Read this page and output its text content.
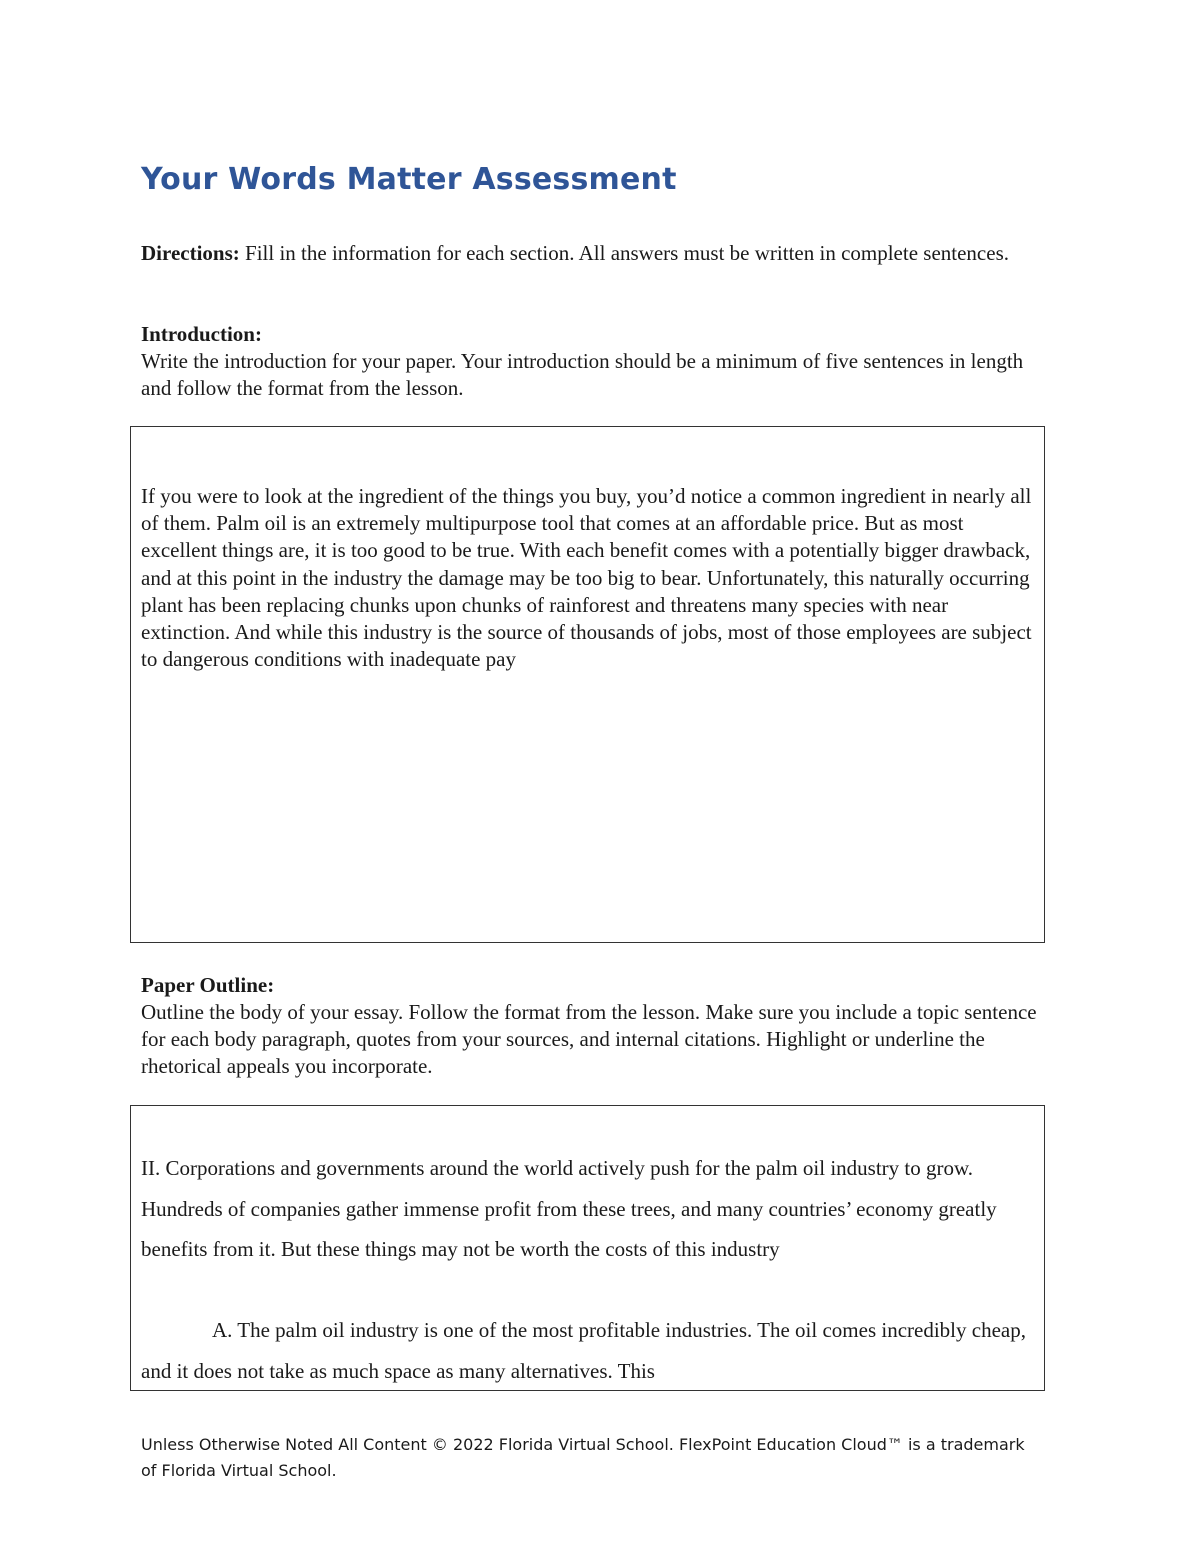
Your Words Matter Assessment

Directions: Fill in the information for each section. All answers must be written in complete sentences.

Introduction:

Write the introduction for your paper. Your introduction should be a minimum of five sentences in length and follow the format from the lesson.

If you were to look at the ingredient of the things you buy, you’d notice a common ingredient in nearly all of them. Palm oil is an extremely multipurpose tool that comes at an affordable price. But as most excellent things are, it is too good to be true. With each benefit comes with a potentially bigger drawback, and at this point in the industry the damage may be too big to bear. Unfortunately, this naturally occurring plant has been replacing chunks upon chunks of rainforest and threatens many species with near extinction. And while this industry is the source of thousands of jobs, most of those employees are subject to dangerous conditions with inadequate pay

Paper Outline:

Outline the body of your essay. Follow the format from the lesson. Make sure you include a topic sentence for each body paragraph, quotes from your sources, and internal citations. Highlight or underline the rhetorical appeals you incorporate.

II. Corporations and governments around the world actively push for the palm oil industry to grow. Hundreds of companies gather immense profit from these trees, and many countries’ economy greatly benefits from it. But these things may not be worth the costs of this industry

A. The palm oil industry is one of the most profitable industries. The oil comes incredibly cheap, and it does not take as much space as many alternatives. This

Unless Otherwise Noted All Content © 2022 Florida Virtual School. FlexPoint Education Cloud™ is a trademark of Florida Virtual School.
